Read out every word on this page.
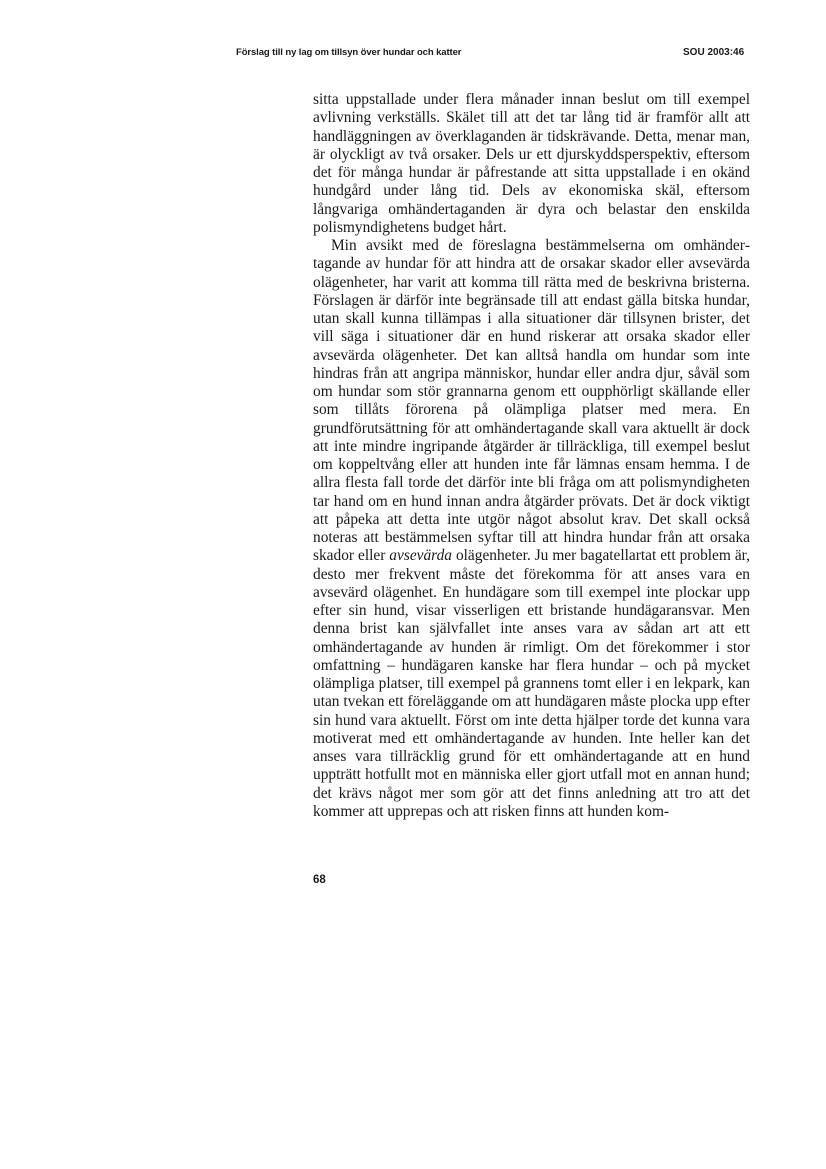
Förslag till ny lag om tillsyn över hundar och katter	SOU 2003:46

sitta uppstallade under flera månader innan beslut om till exempel avlivning verkställs. Skälet till att det tar lång tid är framför allt att handläggningen av överklaganden är tidskrävande. Detta, menar man, är olyckligt av två orsaker. Dels ur ett djurskyddsperspektiv, eftersom det för många hundar är påfrestande att sitta uppstallade i en okänd hundgård under lång tid. Dels av ekonomiska skäl, eftersom långvariga omhändertaganden är dyra och belastar den enskilda polismyndighetens budget hårt.

Min avsikt med de föreslagna bestämmelserna om omhändertagande av hundar för att hindra att de orsakar skador eller avsevärda olägenheter, har varit att komma till rätta med de beskrivna bristerna. Förslagen är därför inte begränsade till att endast gälla bitska hundar, utan skall kunna tillämpas i alla situationer där tillsynen brister, det vill säga i situationer där en hund riskerar att orsaka skador eller avsevärda olägenheter. Det kan alltså handla om hundar som inte hindras från att angripa människor, hundar eller andra djur, såväl som om hundar som stör grannarna genom ett oupphörligt skällande eller som tillåts förorena på olämpliga platser med mera. En grundförutsättning för att omhändertagande skall vara aktuellt är dock att inte mindre ingripande åtgärder är tillräckliga, till exempel beslut om koppeltvång eller att hunden inte får lämnas ensam hemma. I de allra flesta fall torde det därför inte bli fråga om att polismyndigheten tar hand om en hund innan andra åtgärder prövats. Det är dock viktigt att påpeka att detta inte utgör något absolut krav. Det skall också noteras att bestämmelsen syftar till att hindra hundar från att orsaka skador eller avsevärda olägenheter. Ju mer bagatellartat ett problem är, desto mer frekvent måste det förekomma för att anses vara en avsevärd olägenhet. En hundägare som till exempel inte plockar upp efter sin hund, visar visserligen ett bristande hundägaransvar. Men denna brist kan självfallet inte anses vara av sådan art att ett omhändertagande av hunden är rimligt. Om det förekommer i stor omfattning – hundägaren kanske har flera hundar – och på mycket olämpliga platser, till exempel på grannens tomt eller i en lekpark, kan utan tvekan ett föreläggande om att hundägaren måste plocka upp efter sin hund vara aktuellt. Först om inte detta hjälper torde det kunna vara motiverat med ett omhändertagande av hunden. Inte heller kan det anses vara tillräcklig grund för ett omhändertagande att en hund uppträtt hotfullt mot en människa eller gjort utfall mot en annan hund; det krävs något mer som gör att det finns anledning att tro att det kommer att upprepas och att risken finns att hunden kom-

68
